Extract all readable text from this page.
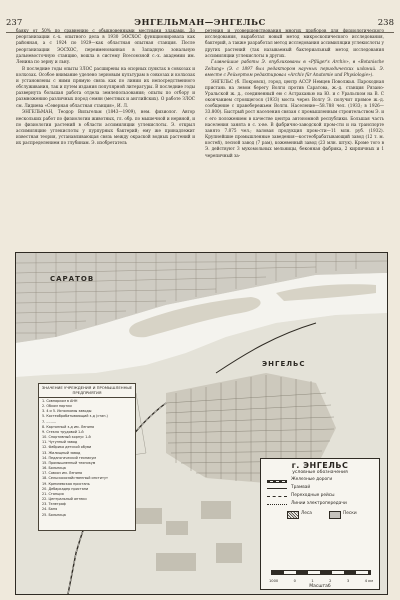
237	ЭНГЕЛЬМАН—ЭНГЕЛЬС	238

баяку от 50% по сравнению с обыкновенными местными злаками. До реорганизации с.-х. опытного дела в 1930 ЭОСХОС функционировала как районная, а с 1924 по 1929—как областная опытная станция. После реорганизации ЭОСХОС, переименованная в Западную зональную дальневосточную станцию, вошла в систему Всесоюзной с.-х. академии им. Ленина по зерну и льну.

В последние годы опыты ЗЛОС расширены на опорных пунктах в совхозах и колхозах. Особое внимание уделено зерновым культурам в совхозах и колхозах и установлены с ними прямую связь как по линии их непосредственного обслуживания, так и путем издания популярной литературы. В последние годы развернута большая работа отдела землепользования; опыты по отбору и размножению различных пород семян (местных и английских). О работе ЗЛОС см. Лидиева «Северная областная станция», И. Л.

ЭНГЕЛЬМАН, Теодор Вильгельм (1843—1909), нем. физиолог. Автор нескольких работ по физиологии животных, гл. обр. по мышечной и нервной, и по физиологии растений в области ассимиляции углекислоты. Э. открыл ассимиляцию углекислоты у пурпурных бактерий; ему же принадлежит известная теория, устанавливающая связь между окраской водных растений и их распределением по глубинам. Э. изобретатель

ретения и усовершенствования многих приборов для физиологического исследования, выработал новый метод микроскопического исследования, бактерий, а также разработал метод исследования ассимиляции углекислоты у других растений (так называемый бактериальный метод исследования ассимиляции углекислоты в других.

Главнейшие работы Э. опубликованы в «Pflüger's Archiv», в «Botanische Zeitung» (Э. с 1897 был редактором научных периодических изданий. Э. вместе с Рейхертом редактировал «Archiv für Anatomie und Physiologie»).

ЭНГЕЛЬС (б. Покровск), город, центр АССР Немцев Поволжья. Пароходная пристань на левом берегу Волги против Саратова, ж.-д. станция Рязано-Уральской ж. д., соединенный ею с Астраханью на Ю. и с Уральском на В. С окончанием строящегося (1933) моста через Волгу Э. получит прямое ж.-д. сообщение с правобережьем Волги. Население—58.788 чел. (1933; в 1926—33.800). Быстрый рост населения связан с промышленным строительством Э. и с его положением в качестве центра автономной республики. Большая часть населения занята в с. х-ве. В фабрично-заводской пром-сти и на транспорте занято 7.875 чел.; валовая продукция пром-сти—11 млн. руб. (1932). Крупнейшие промышленные заведения—костеобрабатывающий завод (12 т. м. костей), лесной завод (7 рам), кожевенный завод (23 млн. штук). Кроме того в Э. действуют 3 мукомольных мельницы, беконная фабрика, 2 кирпичных и 1 черепичный за-

САРАТОВ
ЭНГЕЛЬС
ЗНАЧЕНИЕ УЧРЕЖДЕНИЯ И ПРОМЫШЛЕННЫЕ ПРЕДПРИЯТИЯ
1. Совнарком в АНН
2. Обком партии
3. 4 и 5. Исполкомы заводы
5. Костеобрабатывающий з-д (стан.)
7. .........
8. Картонный з-д им. Ленина
9. Стекло трудовой 1-й
10. Спортивный корпус 1-й
11. Чугунный завод
12. Фабрика детской обуви
13. Жилищный завод
14. Педагогический техникум
15. Промышленный техникум
16. Больница
17. Совхоз им. Ленина
18. Сельскохозяйственный институт
19. Кремлевская пристань
20. Дебаркадер пристани
21. Станция
22. Центральный аптеки
23. Телеграф
24. Баня
25. Больница
г. ЭНГЕЛЬС
условные обозначения
Железные дороги
Трамвай
Переходные рейсы
Линии электропередачи
Леса	Пески
1000	0	1	2	3	4 км
Масштаб
